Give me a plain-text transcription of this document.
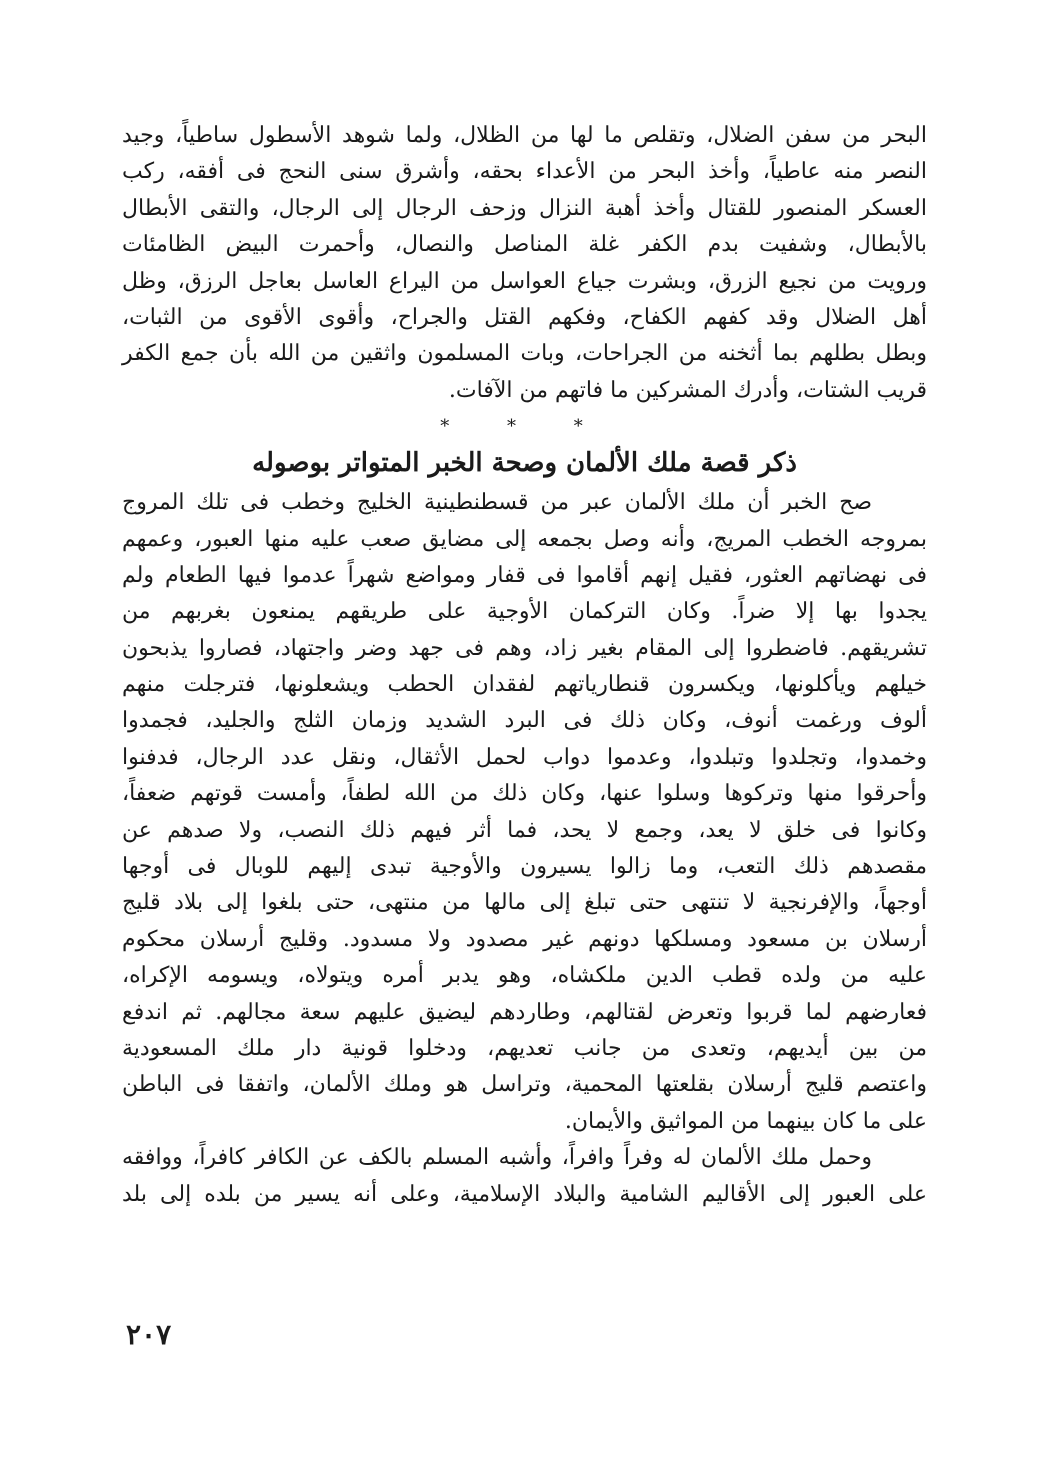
البحر من سفن الضلال، وتقلص ما لها من الظلال، ولما شوهد الأسطول ساطياً، وجيد
النصر منه عاطياً، وأخذ البحر من الأعداء بحقه، وأشرق سنى النحج فى أفقه، ركب
العسكر المنصور للقتال وأخذ أهبة النزال وزحف الرجال إلى الرجال، والتقى الأبطال
بالأبطال، وشفيت بدم الكفر غلة المناصل والنصال، وأحمرت البيض الظامئات
ورويت من نجيع الزرق، وبشرت جياع العواسل من اليراع العاسل بعاجل الرزق، وظل
أهل الضلال وقد كفهم الكفاح، وفكهم القتل والجراح، وأقوى الأقوى من الثبات،
وبطل بطلهم بما أثخنه من الجراحات، وبات المسلمون واثقين من الله بأن جمع الكفر
قريب الشتات، وأدرك المشركين ما فاتهم من الآفات.
* * *
ذكر قصة ملك الألمان وصحة الخبر المتواتر بوصوله
صح الخبر أن ملك الألمان عبر من قسطنطينية الخليج وخطب فى تلك المروج
بمروجه الخطب المريج، وأنه وصل بجمعه إلى مضايق صعب عليه منها العبور، وعمهم
فى نهضاتهم العثور، فقيل إنهم أقاموا فى قفار ومواضع شهراً عدموا فيها الطعام ولم
يجدوا بها إلا ضراً. وكان التركمان الأوجية على طريقهم يمنعون بغربهم من
تشريقهم. فاضطروا إلى المقام بغير زاد، وهم فى جهد وضر واجتهاد، فصاروا يذبحون
خيلهم ويأكلونها، ويكسرون قنطارياتهم لفقدان الحطب ويشعلونها، فترجلت منهم
ألوف ورغمت أنوف، وكان ذلك فى البرد الشديد وزمان الثلج والجليد، فجمدوا
وخمدوا، وتجلدوا وتبلدوا، وعدموا دواب لحمل الأثقال، ونقل عدد الرجال، فدفنوا
وأحرقوا منها وتركوها وسلوا عنها، وكان ذلك من الله لطفاً، وأمست قوتهم ضعفاً،
وكانوا فى خلق لا يعد، وجمع لا يحد، فما أثر فيهم ذلك النصب، ولا صدهم عن
مقصدهم ذلك التعب، وما زالوا يسيرون والأوجية تبدى إليهم للوبال فى أوجها
أوجهاً، والإفرنجية لا تنتهى حتى تبلغ إلى مالها من منتهى، حتى بلغوا إلى بلاد قليج
أرسلان بن مسعود ومسلكها دونهم غير مصدود ولا مسدود. وقليج أرسلان محكوم
عليه من ولده قطب الدين ملكشاه، وهو يدبر أمره ويتولاه، ويسومه الإكراه،
فعارضهم لما قربوا وتعرض لقتالهم، وطاردهم ليضيق عليهم سعة مجالهم. ثم اندفع
من بين أيديهم، وتعدى من جانب تعديهم، ودخلوا قونية دار ملك المسعودية
واعتصم قليج أرسلان بقلعتها المحمية، وتراسل هو وملك الألمان، واتفقا فى الباطن
على ما كان بينهما من المواثيق والأيمان.
وحمل ملك الألمان له وفراً وافراً، وأشبه المسلم بالكف عن الكافر كافراً، ووافقه
على العبور إلى الأقاليم الشامية والبلاد الإسلامية، وعلى أنه يسير من بلده إلى بلد
٢٠٧
